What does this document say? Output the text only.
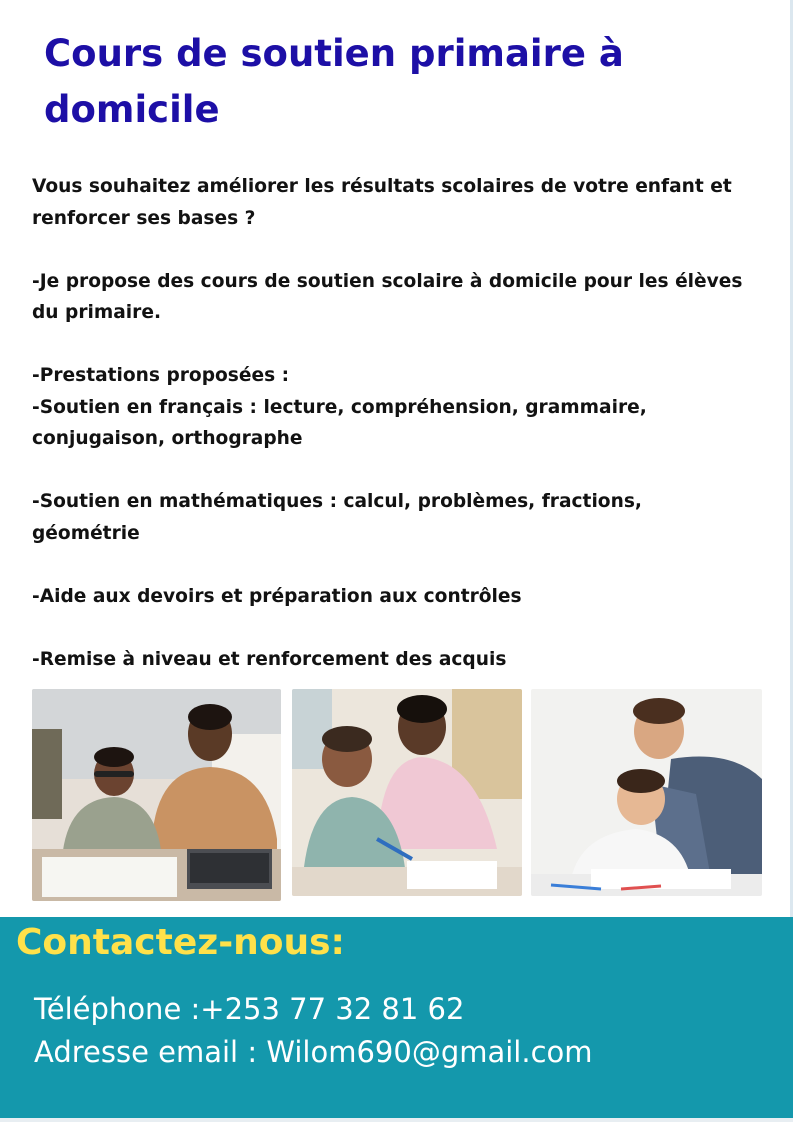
Cours de soutien primaire à domicile

Vous souhaitez améliorer les résultats scolaires de votre enfant et renforcer ses bases ?

-Je propose des cours de soutien scolaire à domicile pour les élèves du primaire.

-Prestations proposées :

-Soutien en français : lecture, compréhension, grammaire, conjugaison, orthographe

-Soutien en mathématiques : calcul, problèmes, fractions, géométrie

-Aide aux devoirs et préparation aux contrôles

-Remise à niveau et renforcement des acquis

Contactez-nous:
Téléphone :+253 77 32 81 62
Adresse email : Wilom690@gmail.com
